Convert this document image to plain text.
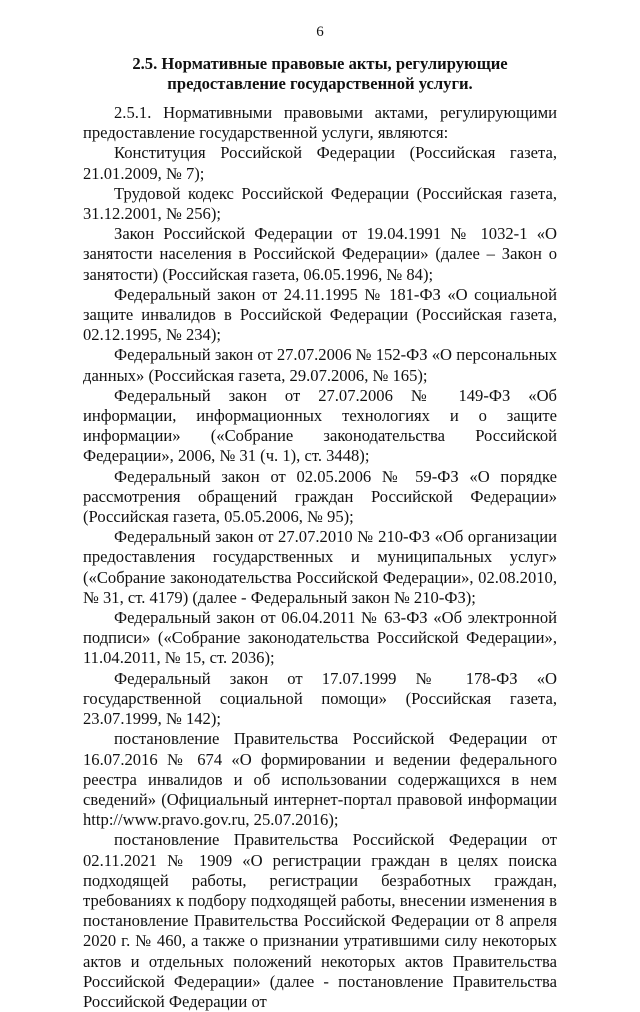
6
2.5. Нормативные правовые акты, регулирующие предоставление государственной услуги.

2.5.1. Нормативными правовыми актами, регулирующими предоставление государственной услуги, являются:

Конституция Российской Федерации (Российская газета, 21.01.2009, № 7);

Трудовой кодекс Российской Федерации (Российская газета, 31.12.2001, № 256);

Закон Российской Федерации от 19.04.1991 № 1032-1 «О занятости населения в Российской Федерации» (далее – Закон о занятости) (Российская газета, 06.05.1996, № 84);

Федеральный закон от 24.11.1995 № 181-ФЗ «О социальной защите инвалидов в Российской Федерации (Российская газета, 02.12.1995, № 234);

Федеральный закон от 27.07.2006 № 152-ФЗ «О персональных данных» (Российская газета, 29.07.2006, № 165);

Федеральный закон от 27.07.2006 № 149-ФЗ «Об информации, информационных технологиях и о защите информации» («Собрание законодательства Российской Федерации», 2006, № 31 (ч. 1), ст. 3448);

Федеральный закон от 02.05.2006 № 59-ФЗ «О порядке рассмотрения обращений граждан Российской Федерации» (Российская газета, 05.05.2006, № 95);

Федеральный закон от 27.07.2010 № 210-ФЗ «Об организации предоставления государственных и муниципальных услуг» («Собрание законодательства Российской Федерации», 02.08.2010, № 31, ст. 4179) (далее - Федеральный закон № 210-ФЗ);

Федеральный закон от 06.04.2011 № 63-ФЗ «Об электронной подписи» («Собрание законодательства Российской Федерации», 11.04.2011, № 15, ст. 2036);

Федеральный закон от 17.07.1999 № 178-ФЗ «О государственной социальной помощи» (Российская газета, 23.07.1999, № 142);

постановление Правительства Российской Федерации от 16.07.2016 № 674 «О формировании и ведении федерального реестра инвалидов и об использовании содержащихся в нем сведений» (Официальный интернет-портал правовой информации http://www.pravo.gov.ru, 25.07.2016);

постановление Правительства Российской Федерации от 02.11.2021 № 1909 «О регистрации граждан в целях поиска подходящей работы, регистрации безработных граждан, требованиях к подбору подходящей работы, внесении изменения в постановление Правительства Российской Федерации от 8 апреля 2020 г. № 460, а также о признании утратившими силу некоторых актов и отдельных положений некоторых актов Правительства Российской Федерации» (далее - постановление Правительства Российской Федерации от
